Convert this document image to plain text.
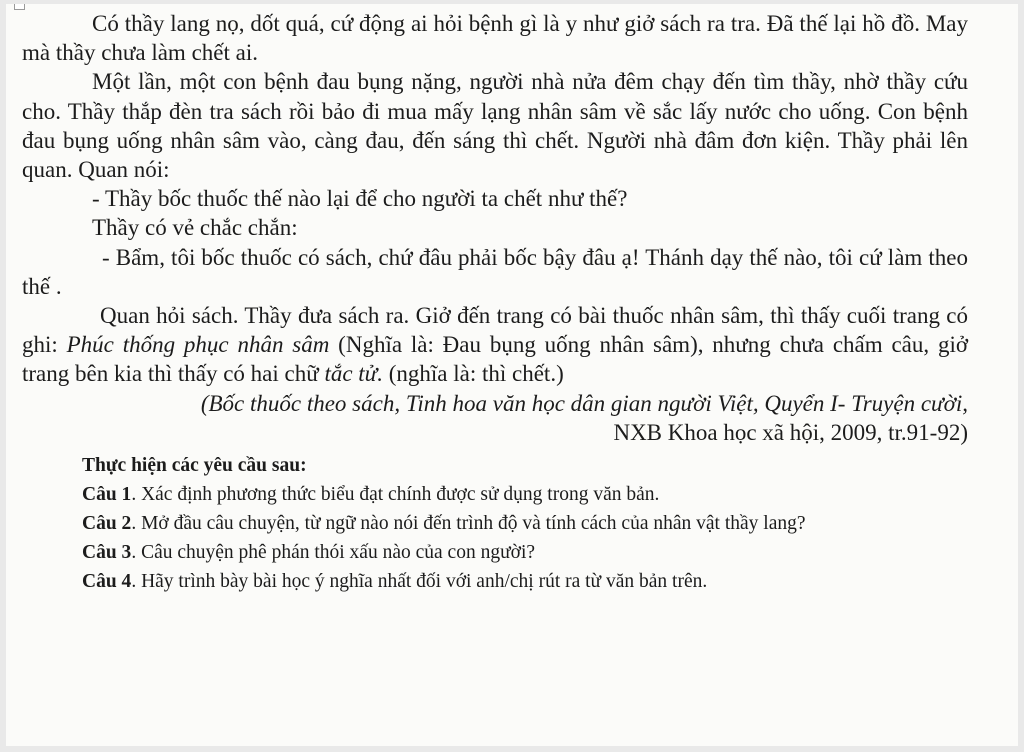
Có thầy lang nọ, dốt quá, cứ động ai hỏi bệnh gì là y như giở sách ra tra. Đã thế lại hồ đồ. May mà thầy chưa làm chết ai.

Một lần, một con bệnh đau bụng nặng, người nhà nửa đêm chạy đến tìm thầy, nhờ thầy cứu cho. Thầy thắp đèn tra sách rồi bảo đi mua mấy lạng nhân sâm về sắc lấy nước cho uống. Con bệnh đau bụng uống nhân sâm vào, càng đau, đến sáng thì chết. Người nhà đâm đơn kiện. Thầy phải lên quan. Quan nói:

- Thầy bốc thuốc thế nào lại để cho người ta chết như thế?

Thầy có vẻ chắc chắn:

- Bẩm, tôi bốc thuốc có sách, chứ đâu phải bốc bậy đâu ạ! Thánh dạy thế nào, tôi cứ làm theo thế .

Quan hỏi sách. Thầy đưa sách ra. Giở đến trang có bài thuốc nhân sâm, thì thấy cuối trang có ghi: Phúc thống phục nhân sâm (Nghĩa là: Đau bụng uống nhân sâm), nhưng chưa chấm câu, giở trang bên kia thì thấy có hai chữ tắc tử. (nghĩa là: thì chết.)

(Bốc thuốc theo sách, Tinh hoa văn học dân gian người Việt, Quyển I- Truyện cười,

NXB Khoa học xã hội, 2009, tr.91-92)

Thực hiện các yêu cầu sau:

Câu 1. Xác định phương thức biểu đạt chính được sử dụng trong văn bản.

Câu 2. Mở đầu câu chuyện, từ ngữ nào nói đến trình độ và tính cách của nhân vật thầy lang?

Câu 3. Câu chuyện phê phán thói xấu nào của con người?

Câu 4. Hãy trình bày bài học ý nghĩa nhất đối với anh/chị rút ra từ văn bản trên.
